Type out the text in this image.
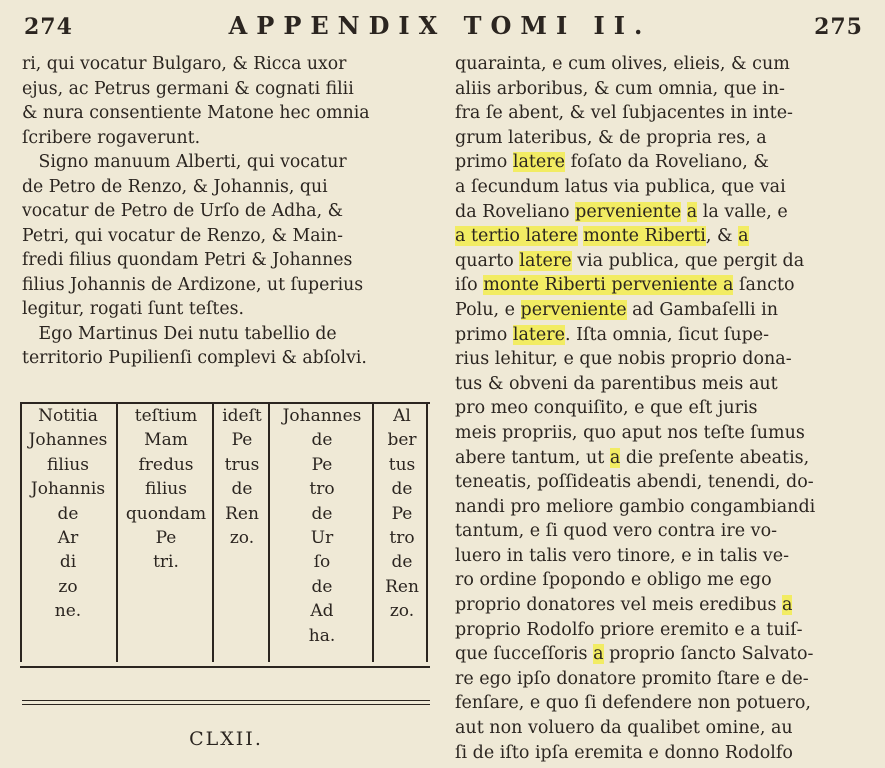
274	APPENDIX TOMI II.	275
ri, qui vocatur Bulgaro, & Ricca uxor
ejus, ac Petrus germani & cognati filii
& nura consentiente Matone hec omnia
ſcribere rogaverunt.
Signo manuum Alberti, qui vocatur
de Petro de Renzo, & Johannis, qui
vocatur de Petro de Urſo de Adha, &
Petri, qui vocatur de Renzo, & Main-
fredi filius quondam Petri & Johannes
filius Johannis de Ardizone, ut ſuperius
legitur, rogati ſunt teſtes.
Ego Martinus Dei nutu tabellio de
territorio Pupilienſi complevi & abſolvi.
Notitia
Johannes
filius
Johannis
de
Ar
di
zo
ne.
teſtium
Mam
fredus
filius
quondam
Pe
tri.
ideſt
Pe
trus
de
Ren
zo.
Johannes
de
Pe
tro
de
Ur
ſo
de
Ad
ha.
Al
ber
tus
de
Pe
tro
de
Ren
zo.
CLXII.
quarainta, e cum olives, elieis, & cum
aliis arboribus, & cum omnia, que in-
fra ſe abent, & vel ſubjacentes in inte-
grum lateribus, & de propria res, a
primo latere foſato da Roveliano, &
a ſecundum latus via publica, que vai
da Roveliano perveniente a la valle, e
a tertio latere monte Riberti, & a
quarto latere via publica, que pergit da
iſo monte Riberti perveniente a ſancto
Polu, e perveniente ad Gambaſelli in
primo latere. Iſta omnia, ſicut ſupe-
rius lehitur, e que nobis proprio dona-
tus & obveni da parentibus meis aut
pro meo conquiſito, e que eſt juris
meis propriis, quo aput nos teſte ſumus
abere tantum, ut a die preſente abeatis,
teneatis, poſſideatis abendi, tenendi, do-
nandi pro meliore gambio congambiandi
tantum, e ſi quod vero contra ire vo-
luero in talis vero tinore, e in talis ve-
ro ordine ſpopondo e obligo me ego
proprio donatores vel meis eredibus a
proprio Rodolfo priore eremito e a tuiſ-
que ſucceſſoris a proprio ſancto Salvato-
re ego ipſo donatore promito ſtare e de-
fenſare, e quo ſi defendere non potuero,
aut non voluero da qualibet omine, au
ſi de iſto ipſa eremita e donno Rodolfo
